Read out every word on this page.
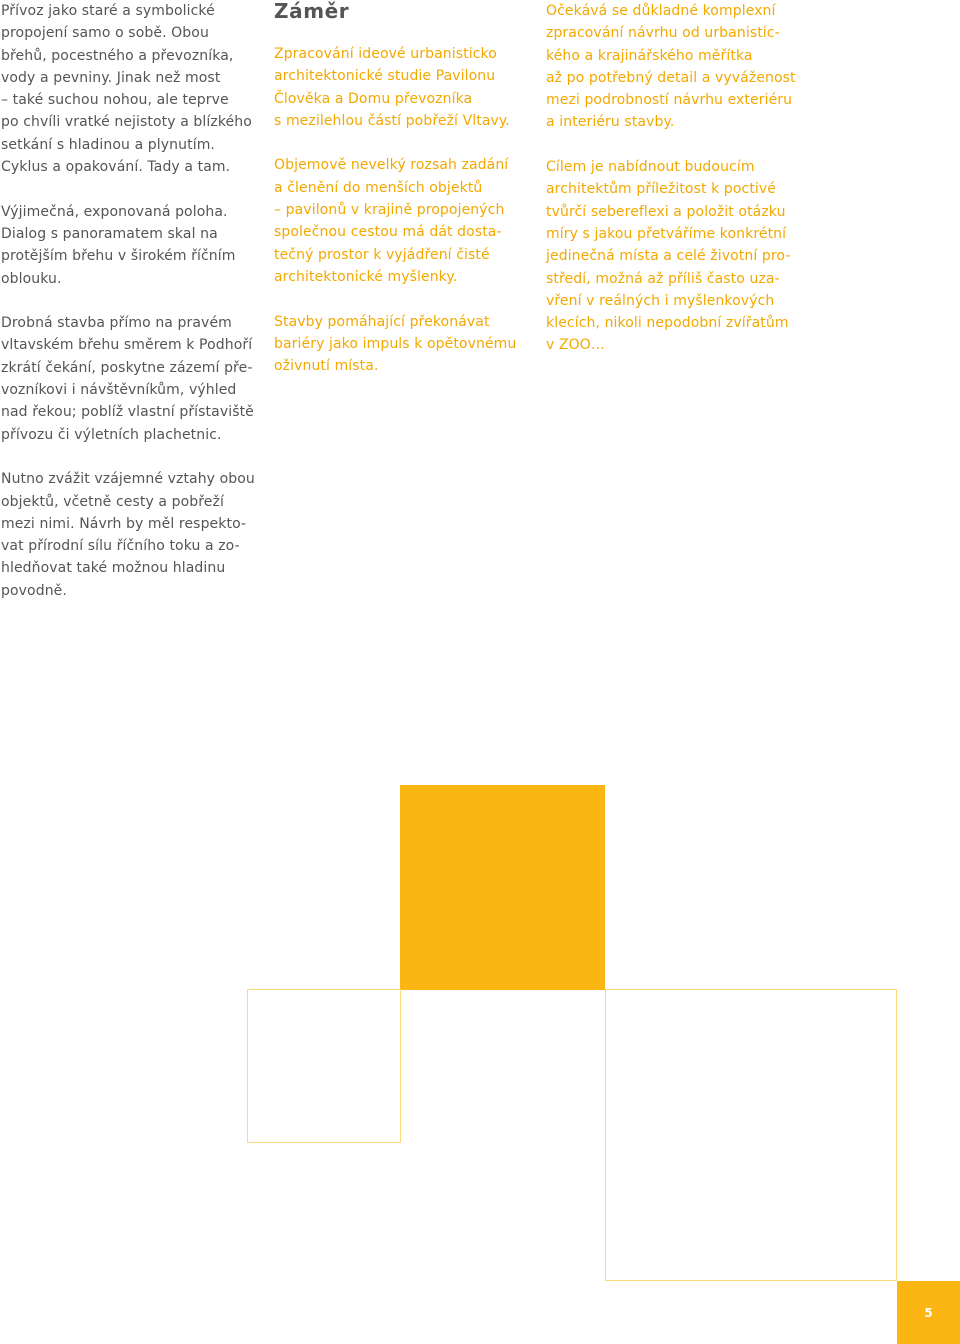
Přívoz jako staré a symbolické
propojení samo o sobě. Obou
břehů, pocestného a převozníka,
vody a pevniny. Jinak než most
– také suchou nohou, ale teprve
po chvíli vratké nejistoty a blízkého
setkání s hladinou a plynutím.
Cyklus a opakování. Tady a tam.

Výjimečná, exponovaná poloha.
Dialog s panoramatem skal na
protějším břehu v širokém říčním
oblouku.

Drobná stavba přímo na pravém
vltavském břehu směrem k Podhoří
zkrátí čekání, poskytne zázemí pře-
vozníkovi i návštěvníkům, výhled
nad řekou; poblíž vlastní přístaviště
přívozu či výletních plachetnic.

Nutno zvážit vzájemné vztahy obou
objektů, včetně cesty a pobřeží
mezi nimi. Návrh by měl respekto-
vat přírodní sílu říčního toku a zo-
hledňovat také možnou hladinu
povodně.

Záměr

Zpracování ideové urbanisticko
architektonické studie Pavilonu
Člověka a Domu převozníka
s mezilehlou částí pobřeží Vltavy.

Objemově nevelký rozsah zadání
a členění do menších objektů
– pavilonů v krajině propojených
společnou cestou má dát dosta-
tečný prostor k vyjádření čisté
architektonické myšlenky.

Stavby pomáhající překonávat
bariéry jako impuls k opětovnému
oživnutí místa.

Očekává se důkladné komplexní
zpracování návrhu od urbanistic-
kého a krajinářského měřítka
až po potřebný detail a vyváženost
mezi podrobností návrhu exteriéru
a interiéru stavby.

Cílem je nabídnout budoucím
architektům příležitost k poctivé
tvůrčí sebereflexi a položit otázku
míry s jakou přetváříme konkrétní
jedinečná místa a celé životní pro-
středí, možná až příliš často uza-
vření v reálných i myšlenkových
klecích, nikoli nepodobní zvířatům
v ZOO…

5
